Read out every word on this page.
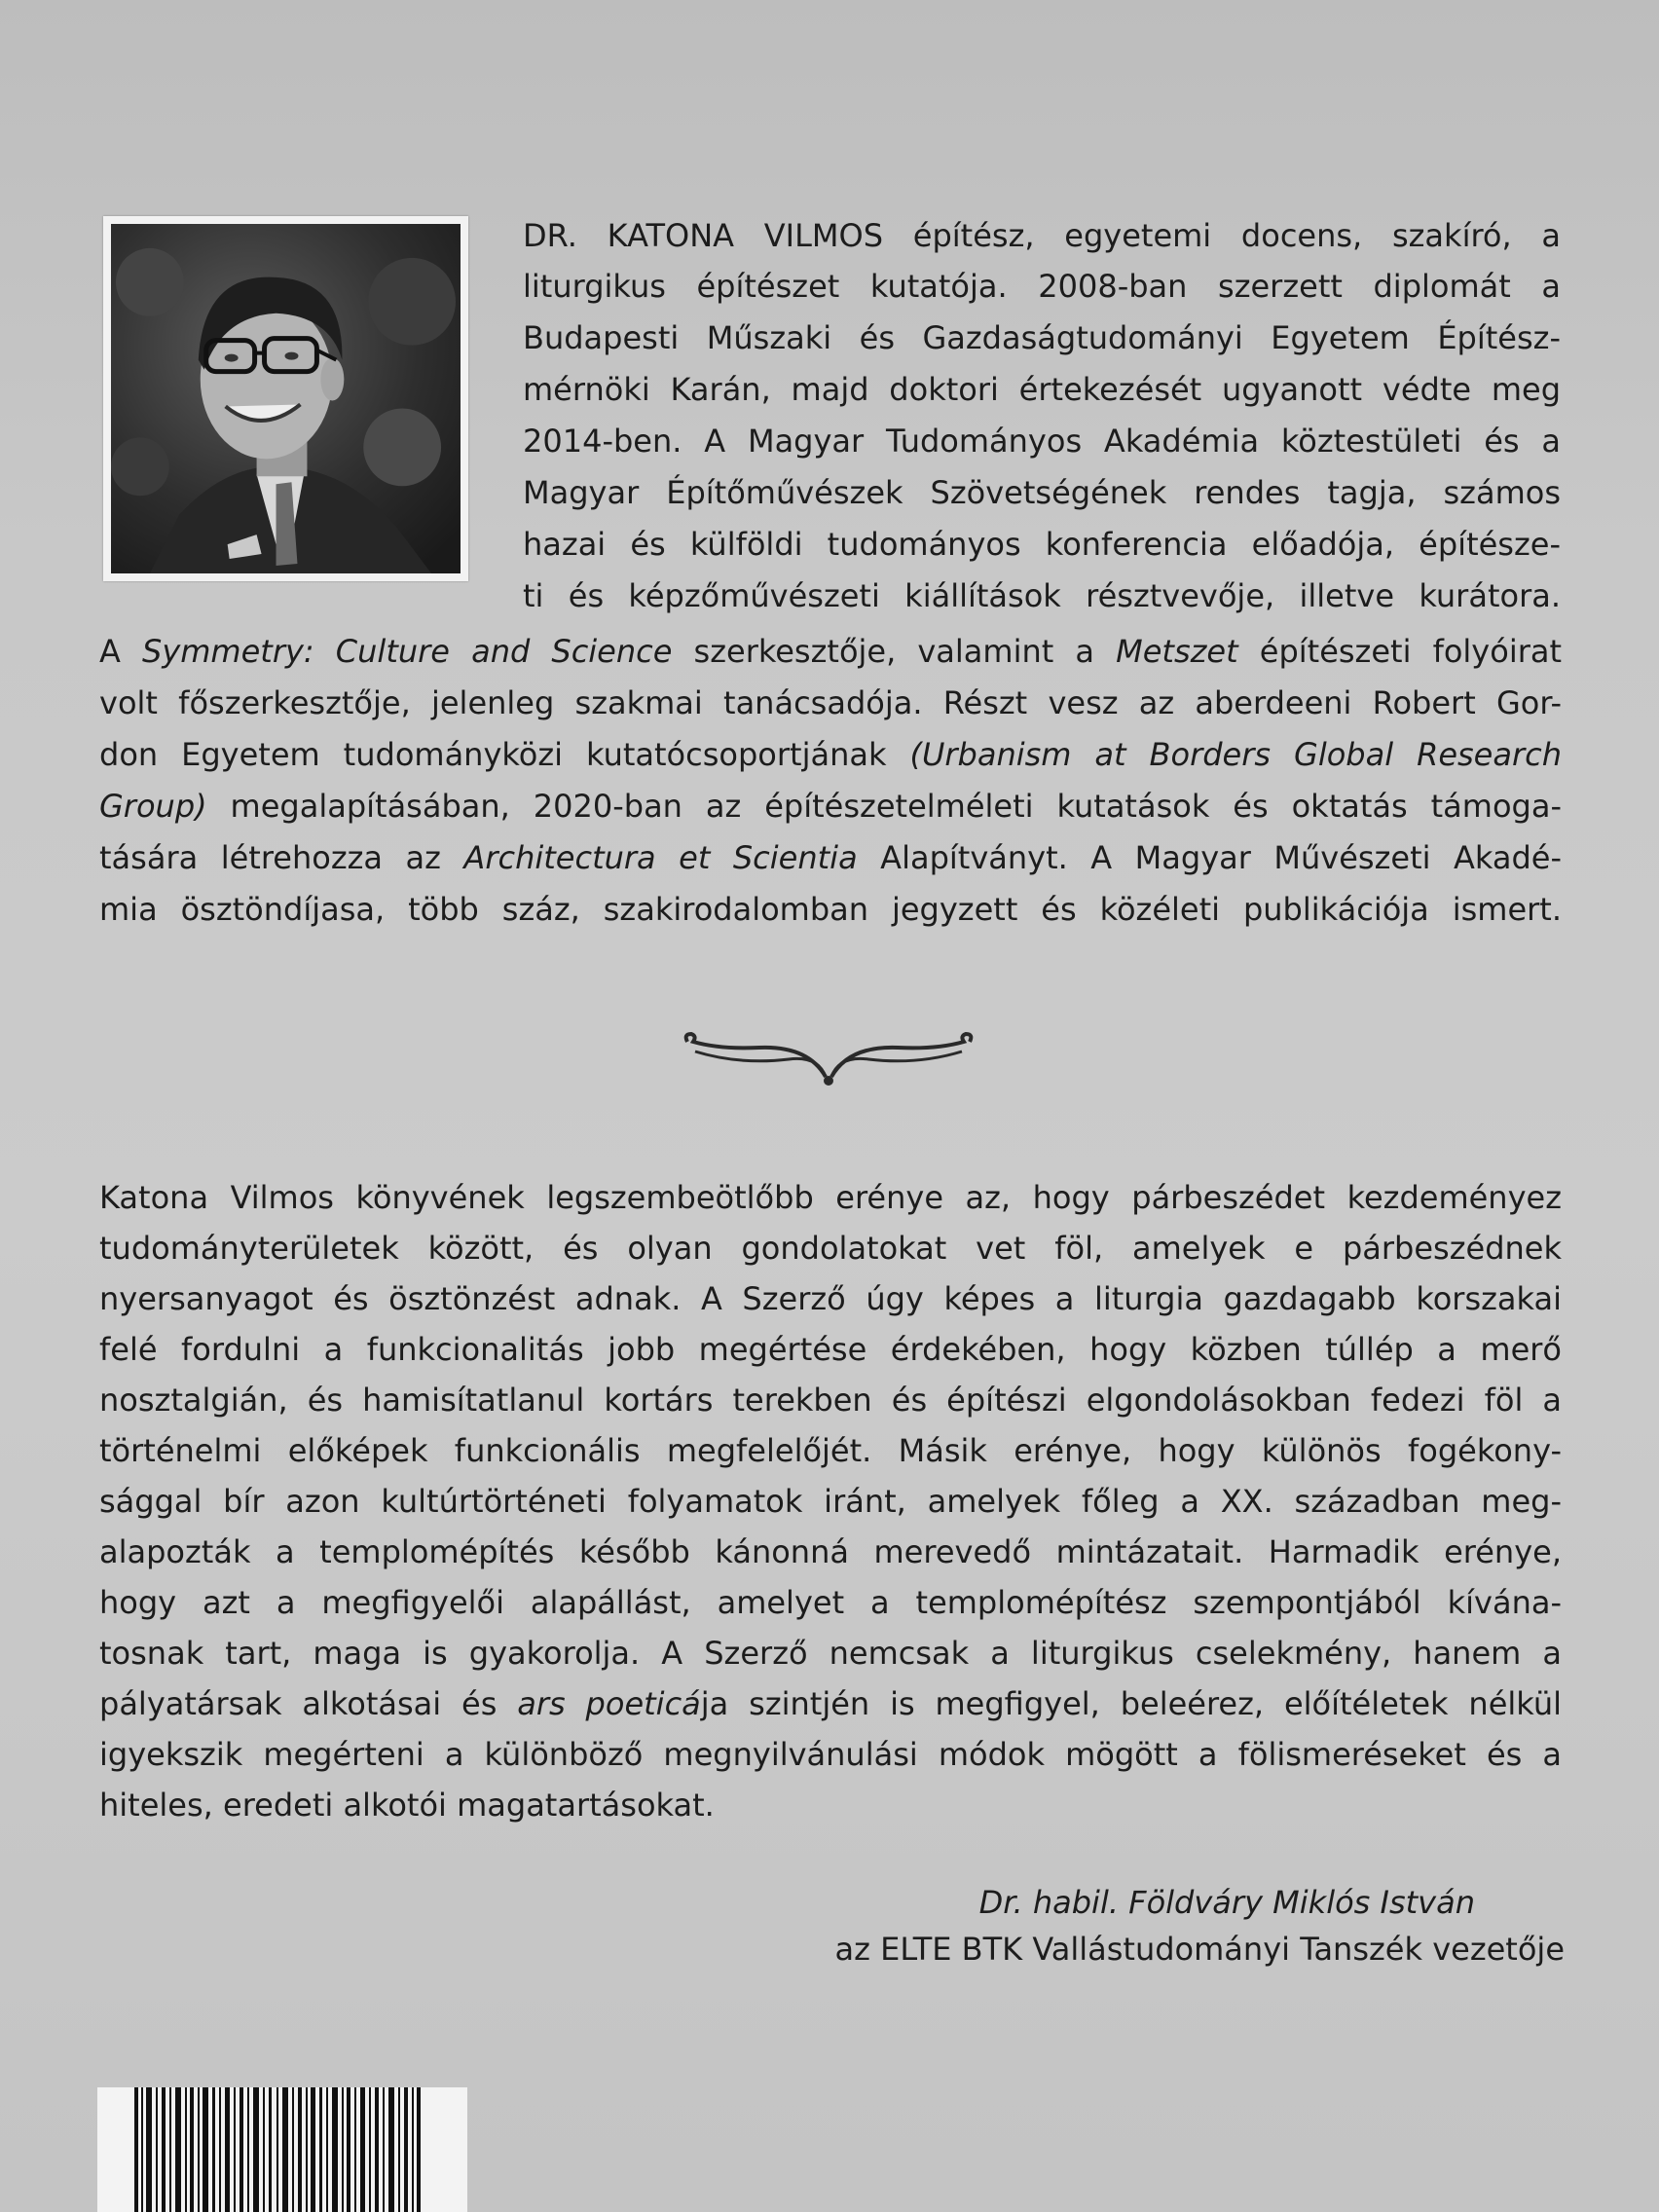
DR. KATONA VILMOS építész, egyetemi docens, szakíró, a
liturgikus építészet kutatója. 2008-ban szerzett diplomát a
Budapesti Műszaki és Gazdaságtudományi Egyetem Építész-
mérnöki Karán, majd doktori értekezését ugyanott védte meg
2014-ben. A Magyar Tudományos Akadémia köztestületi és a
Magyar Építőművészek Szövetségének rendes tagja, számos
hazai és külföldi tudományos konferencia előadója, építésze-
ti és képzőművészeti kiállítások résztvevője, illetve kurátora.
A Symmetry: Culture and Science szerkesztője, valamint a Metszet építészeti folyóirat
volt főszerkesztője, jelenleg szakmai tanácsadója. Részt vesz az aberdeeni Robert Gor-
don Egyetem tudományközi kutatócsoportjának (Urbanism at Borders Global Research
Group) megalapításában, 2020-ban az építészetelméleti kutatások és oktatás támoga-
tására létrehozza az Architectura et Scientia Alapítványt. A Magyar Művészeti Akadé-
mia ösztöndíjasa, több száz, szakirodalomban jegyzett és közéleti publikációja ismert.
Katona Vilmos könyvének legszembeötlőbb erénye az, hogy párbeszédet kezdeményez
tudományterületek között, és olyan gondolatokat vet föl, amelyek e párbeszédnek
nyersanyagot és ösztönzést adnak. A Szerző úgy képes a liturgia gazdagabb korszakai
felé fordulni a funkcionalitás jobb megértése érdekében, hogy közben túllép a merő
nosztalgián, és hamisítatlanul kortárs terekben és építészi elgondolásokban fedezi föl a
történelmi előképek funkcionális megfelelőjét. Másik erénye, hogy különös fogékony-
sággal bír azon kultúrtörténeti folyamatok iránt, amelyek főleg a XX. században meg-
alapozták a templomépítés később kánonná merevedő mintázatait. Harmadik erénye,
hogy azt a megfigyelői alapállást, amelyet a templomépítész szempontjából kívána-
tosnak tart, maga is gyakorolja. A Szerző nemcsak a liturgikus cselekmény, hanem a
pályatársak alkotásai és ars poeticája szintjén is megfigyel, beleérez, előítéletek nélkül
igyekszik megérteni a különböző megnyilvánulási módok mögött a fölismeréseket és a
hiteles, eredeti alkotói magatartásokat.
Dr. habil. Földváry Miklós István
az ELTE BTK Vallástudományi Tanszék vezetője
